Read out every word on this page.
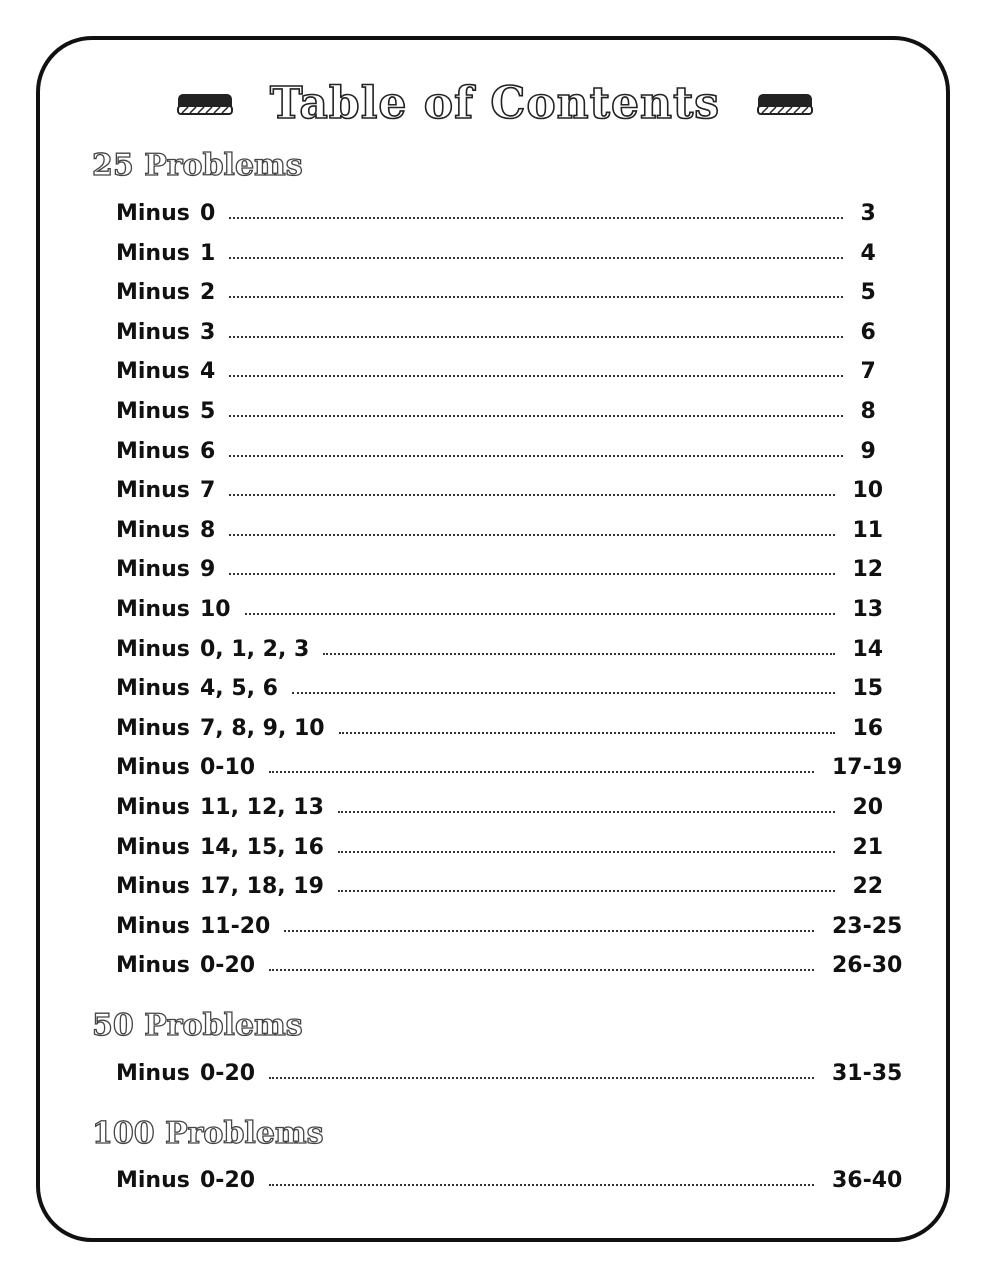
Table of Contents
25 Problems
Minus 0	3
Minus 1	4
Minus 2	5
Minus 3	6
Minus 4	7
Minus 5	8
Minus 6	9
Minus 7	10
Minus 8	11
Minus 9	12
Minus 10	13
Minus 0, 1, 2, 3	14
Minus 4, 5, 6	15
Minus 7, 8, 9, 10	16
Minus 0-10	17-19
Minus 11, 12, 13	20
Minus 14, 15, 16	21
Minus 17, 18, 19	22
Minus 11-20	23-25
Minus 0-20	26-30
50 Problems
Minus 0-20	31-35
100 Problems
Minus 0-20	36-40
